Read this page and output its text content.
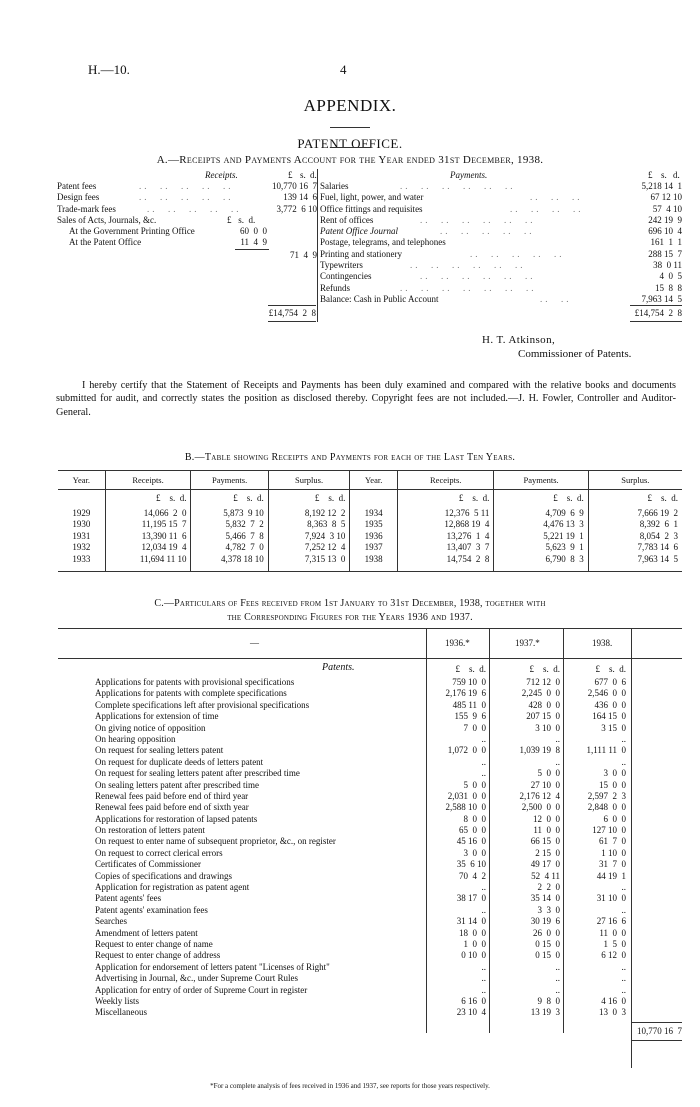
H.—10.	4
APPENDIX.
PATENT OFFICE.
A.—Receipts and Payments Account for the Year ended 31st December, 1938.
Receipts.	£ s. d.
Patent fees	..  ..  ..  ..  ..	10,770 16  7
Design fees	..  ..  ..  ..  ..	139 14  6
Trade-mark fees	..  ..  ..  ..  ..	3,772  6 10
Sales of Acts, Journals, &c.	£   s.  d.
At the Government Printing Office	60  0  0
At the Patent Office	11  4  9
71  4  9
£14,754  2  8
Payments.	£ s. d.
Salaries	..  ..  ..  ..  ..  ..	5,218 14  1
Fuel, light, power, and water	..  ..  ..	67 12 10
Office fittings and requisites	..  ..  ..  ..	57  4 10
Rent of offices	..  ..  ..  ..  ..  ..	242 19  9
Patent Office Journal	..  ..  ..  ..  ..	696 10  4
Postage, telegrams, and telephones	161  1  1
Printing and stationery	..  ..  ..  ..  ..	288 15  7
Typewriters	..  ..  ..  ..  ..  ..	38  0 11
Contingencies	..  ..  ..  ..  ..  ..	4  0  5
Refunds	..  ..  ..  ..  ..  ..  ..	15  8  8
Balance: Cash in Public Account	..  ..	7,963 14  5
£14,754  2  8
H. T. Atkinson,
Commissioner of Patents.
I hereby certify that the Statement of Receipts and Payments has been duly examined and compared with the relative books and documents submitted for audit, and correctly states the position as disclosed thereby. Copyright fees are not included.—J. H. Fowler, Controller and Auditor-General.
B.—Table showing Receipts and Payments for each of the Last Ten Years.
Year.	Receipts.	Payments.	Surplus.	Year.	Receipts.	Payments.	Surplus.
	£    s.  d.	£    s.  d.	£    s.  d.		£    s.  d.	£    s.  d.	£    s.  d.
1929	14,066  2  0	5,873  9 10	8,192 12  2	1934	12,376  5 11	4,709  6  9	7,666 19  2
1930	11,195 15  7	5,832  7  2	8,363  8  5	1935	12,868 19  4	4,476 13  3	8,392  6  1
1931	13,390 11  6	5,466  7  8	7,924  3 10	1936	13,276  1  4	5,221 19  1	8,054  2  3
1932	12,034 19  4	4,782  7  0	7,252 12  4	1937	13,407  3  7	5,623  9  1	7,783 14  6
1933	11,694 11 10	4,378 18 10	7,315 13  0	1938	14,754  2  8	6,790  8  3	7,963 14  5
C.—Particulars of Fees received from 1st January to 31st December, 1938, together with
the Corresponding Figures for the Years 1936 and 1937.
—	1936.*	1937.*	1938.
Patents.	£    s.  d.	£    s.  d.	£    s.  d.
Applications for patents with provisional specifications	759 10  0	712 12  0	677  0  6
Applications for patents with complete specifications	2,176 19  6	2,245  0  0	2,546  0  0
Complete specifications left after provisional specifications	485 11  0	428  0  0	436  0  0
Applications for extension of time	155  9  6	207 15  0	164 15  0
On giving notice of opposition	7  0  0	3 10  0	3 15  0
On hearing opposition	..	..	..
On request for sealing letters patent	1,072  0  0	1,039 19  8	1,111 11  0
On request for duplicate deeds of letters patent	..	..	..
On request for sealing letters patent after prescribed time	..	5  0  0	3  0  0
On sealing letters patent after prescribed time	5  0  0	27 10  0	15  0  0
Renewal fees paid before end of third year	2,031  0  0	2,176 12  4	2,597  2  3
Renewal fees paid before end of sixth year	2,588 10  0	2,500  0  0	2,848  0  0
Applications for restoration of lapsed patents	8  0  0	12  0  0	6  0  0
On restoration of letters patent	65  0  0	11  0  0	127 10  0
On request to enter name of subsequent proprietor, &c., on register	45 16  0	66 15  0	61  7  0
On request to correct clerical errors	3  0  0	2 15  0	1 10  0
Certificates of Commissioner	35  6 10	49 17  0	31  7  0
Copies of specifications and drawings	70  4  2	52  4 11	44 19  1
Application for registration as patent agent	..	2  2  0	..
Patent agents' fees	38 17  0	35 14  0	31 10  0
Patent agents' examination fees	..	3  3  0	..
Searches	31 14  0	30 19  6	27 16  6
Amendment of letters patent	18  0  0	26  0  0	11  0  0
Request to enter change of name	1  0  0	0 15  0	1  5  0
Request to enter change of address	0 10  0	0 15  0	6 12  0
Application for endorsement of letters patent "Licenses of Right"	..	..	..
Advertising in Journal, &c., under Supreme Court Rules	..	..	..
Application for entry of order of Supreme Court in register	..	..	..
Weekly lists	6 16  0	9  8  0	4 16  0
Miscellaneous	23 10  4	13 19  3	13  0  3
10,770 16  7
*For a complete analysis of fees received in 1936 and 1937, see reports for those years respectively.
